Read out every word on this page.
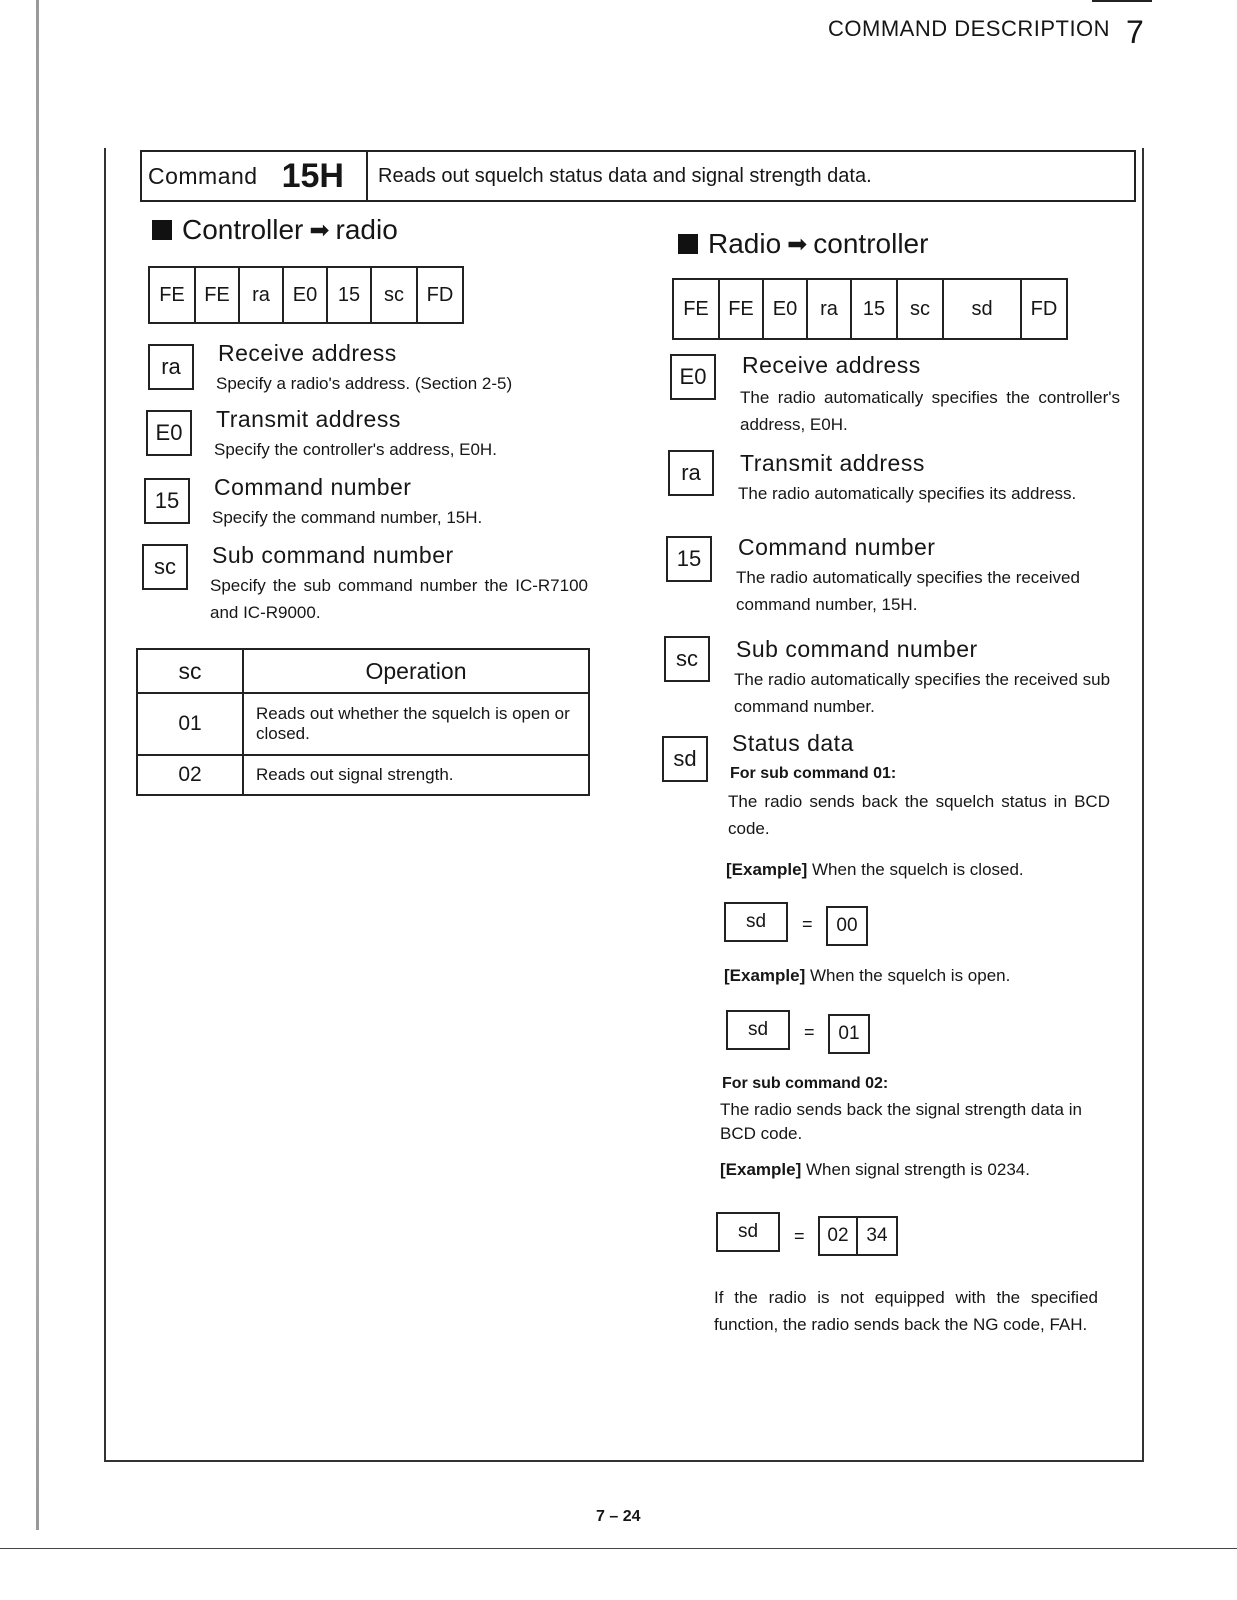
COMMAND DESCRIPTION 7
Command 15H	Reads out squelch status data and signal strength data.
Controller ➡ radio
FE FE	ra	E0	15	sc	FD
ra
Receive address
Specify a radio's address. (Section 2-5)
E0
Transmit address
Specify the controller's address, E0H.
15
Command number
Specify the command number, 15H.
sc	Sub command number
Specify the sub command number the IC-R7100 and IC-R9000.
sc	Operation
01	Reads out whether the squelch is open or closed.
02	Reads out signal strength.
Radio ➡ controller
FE FE E0	ra	15	sc	sd	FD
E0	Receive address
The radio automatically specifies the controller's address, E0H.
ra	Transmit address
The radio automatically specifies its address.
15	Command number
The radio automatically specifies the received command number, 15H.
sc	Sub command number
The radio automatically specifies the received sub command number.
sd
Status data
For sub command 01:
The radio sends back the squelch status in BCD code.
[Example] When the squelch is closed.
sd	=	00
[Example] When the squelch is open.
sd	=	01
For sub command 02:
The radio sends back the signal strength data in BCD code.
[Example] When signal strength is 0234.
sd	=	02 34
If the radio is not equipped with the specified function, the radio sends back the NG code, FAH.
7 – 24
